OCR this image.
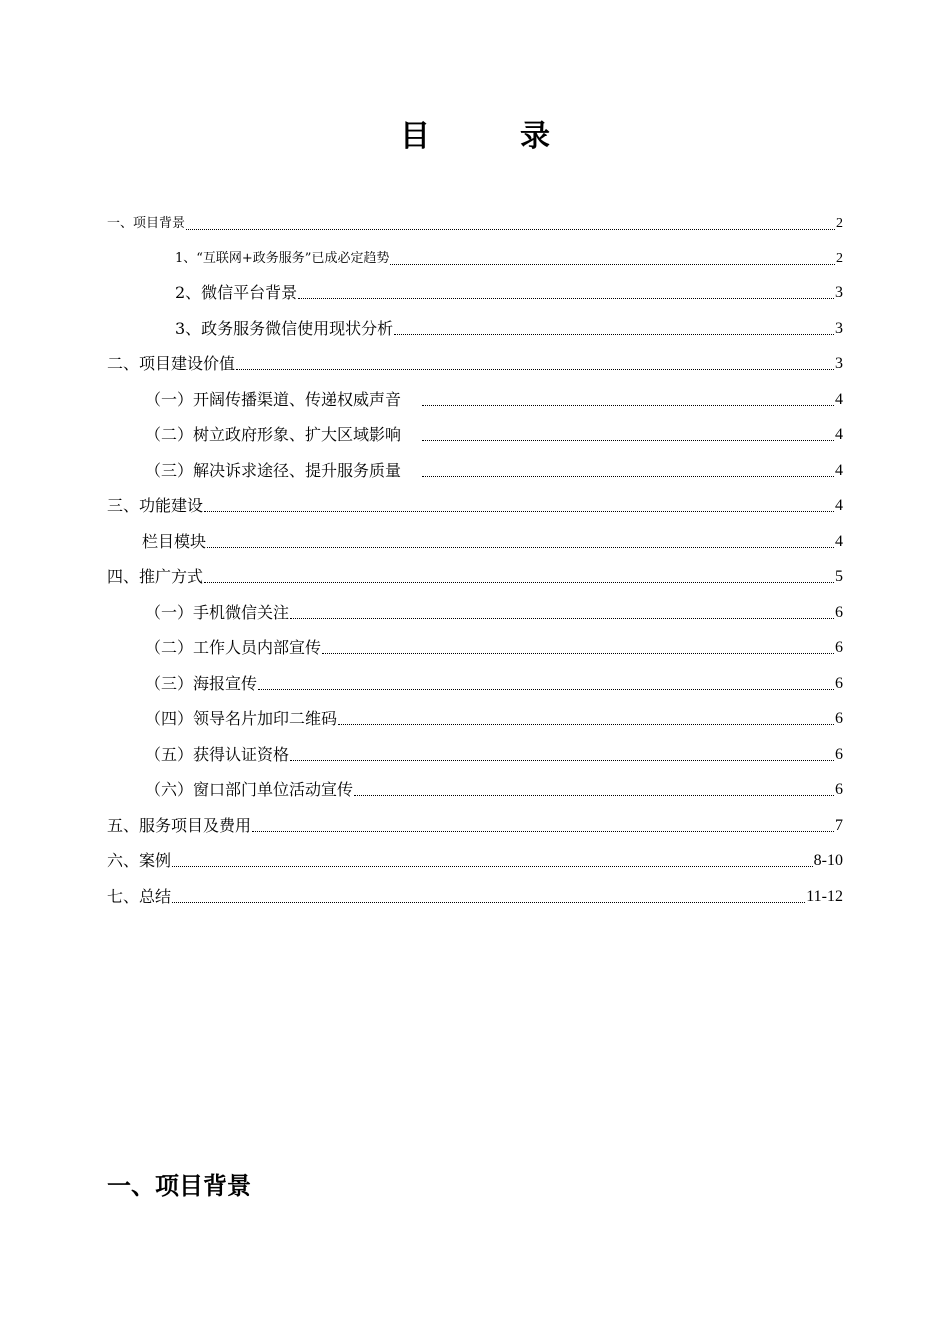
目　录
一、项目背景	2
1、“互联网+政务服务”已成必定趋势	2
2、微信平台背景	3
3、政务服务微信使用现状分析	3
二、项目建设价值	3
（一）开阔传播渠道、传递权威声音	4
（二）树立政府形象、扩大区域影响	4
（三）解决诉求途径、提升服务质量	4
三、功能建设	4
栏目模块	4
四、推广方式	5
（一）手机微信关注	6
（二）工作人员内部宣传	6
（三）海报宣传	6
（四）领导名片加印二维码	6
（五）获得认证资格	6
（六）窗口部门单位活动宣传	6
五、服务项目及费用	7
六、案例	8-10
七、总结	11-12
一、项目背景
